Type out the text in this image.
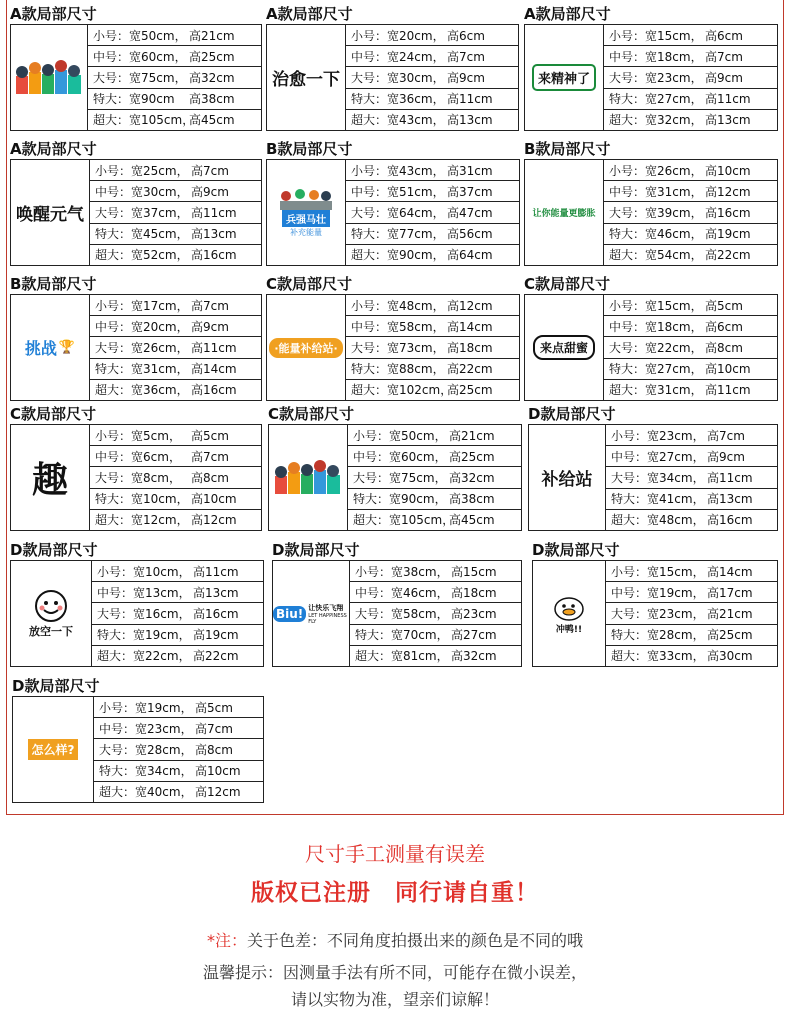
A款局部尺寸
小号： 宽50cm， 高21cm
中号： 宽60cm， 高25cm
大号： 宽75cm， 高32cm
特大： 宽90cm	高38cm
超大： 宽105cm，
高45cm
A款局部尺寸
治愈一下
小号： 宽20cm， 高6cm
中号： 宽24cm， 高7cm
大号： 宽30cm， 高9cm
特大： 宽36cm， 高11cm
超大： 宽43cm， 高13cm
A款局部尺寸
来精神了
小号： 宽15cm， 高6cm
中号： 宽18cm， 高7cm
大号： 宽23cm， 高9cm
特大： 宽27cm， 高11cm
超大： 宽32cm， 高13cm
A款局部尺寸
唤醒元气
小号： 宽25cm， 高7cm
中号： 宽30cm， 高9cm
大号： 宽37cm， 高11cm
特大： 宽45cm， 高13cm
超大： 宽52cm， 高16cm
B款局部尺寸
兵强马壮
补充能量
小号： 宽43cm， 高31cm
中号： 宽51cm， 高37cm
大号： 宽64cm， 高47cm
特大： 宽77cm， 高56cm
超大： 宽90cm， 高64cm
B款局部尺寸
让你能量更膨胀
小号： 宽26cm， 高10cm
中号： 宽31cm， 高12cm
大号： 宽39cm， 高16cm
特大： 宽46cm， 高19cm
超大： 宽54cm， 高22cm
B款局部尺寸
挑战 🏆
小号： 宽17cm， 高7cm
中号： 宽20cm， 高9cm
大号： 宽26cm， 高11cm
特大： 宽31cm， 高14cm
超大： 宽36cm， 高16cm
C款局部尺寸
·能量补给站·
小号： 宽48cm， 高12cm
中号： 宽58cm， 高14cm
大号： 宽73cm， 高18cm
特大： 宽88cm， 高22cm
超大： 宽102cm，
高25cm
C款局部尺寸
来点甜蜜
小号： 宽15cm， 高5cm
中号： 宽18cm， 高6cm
大号： 宽22cm， 高8cm
特大： 宽27cm， 高10cm
超大： 宽31cm， 高11cm
C款局部尺寸
趣
小号： 宽5cm， 高5cm
中号： 宽6cm， 高7cm
大号： 宽8cm， 高8cm
特大： 宽10cm， 高10cm
超大： 宽12cm， 高12cm
C款局部尺寸
小号： 宽50cm， 高21cm
中号： 宽60cm， 高25cm
大号： 宽75cm， 高32cm
特大： 宽90cm， 高38cm
超大： 宽105cm，
高45cm
D款局部尺寸
补给站
小号： 宽23cm， 高7cm
中号： 宽27cm， 高9cm
大号： 宽34cm， 高11cm
特大： 宽41cm， 高13cm
超大： 宽48cm， 高16cm
D款局部尺寸
放空一下
小号： 宽10cm， 高11cm
中号： 宽13cm， 高13cm
大号： 宽16cm， 高16cm
特大： 宽19cm， 高19cm
超大： 宽22cm， 高22cm
D款局部尺寸
Biu! 让快乐飞翔
LET HAPPINESS FLY
小号： 宽38cm， 高15cm
中号： 宽46cm， 高18cm
大号： 宽58cm， 高23cm
特大： 宽70cm， 高27cm
超大： 宽81cm， 高32cm
D款局部尺寸
冲鸭!!
小号： 宽15cm， 高14cm
中号： 宽19cm， 高17cm
大号： 宽23cm， 高21cm
特大： 宽28cm， 高25cm
超大： 宽33cm， 高30cm
D款局部尺寸
怎么样?
小号： 宽19cm， 高5cm
中号： 宽23cm， 高7cm
大号： 宽28cm， 高8cm
特大： 宽34cm， 高10cm
超大： 宽40cm， 高12cm
尺寸手工测量有误差
版权已注册　同行请自重！
*注：关于色差：不同角度拍摄出来的颜色是不同的哦
温馨提示：因测量手法有所不同，可能存在微小误差，
请以实物为准，望亲们谅解！
